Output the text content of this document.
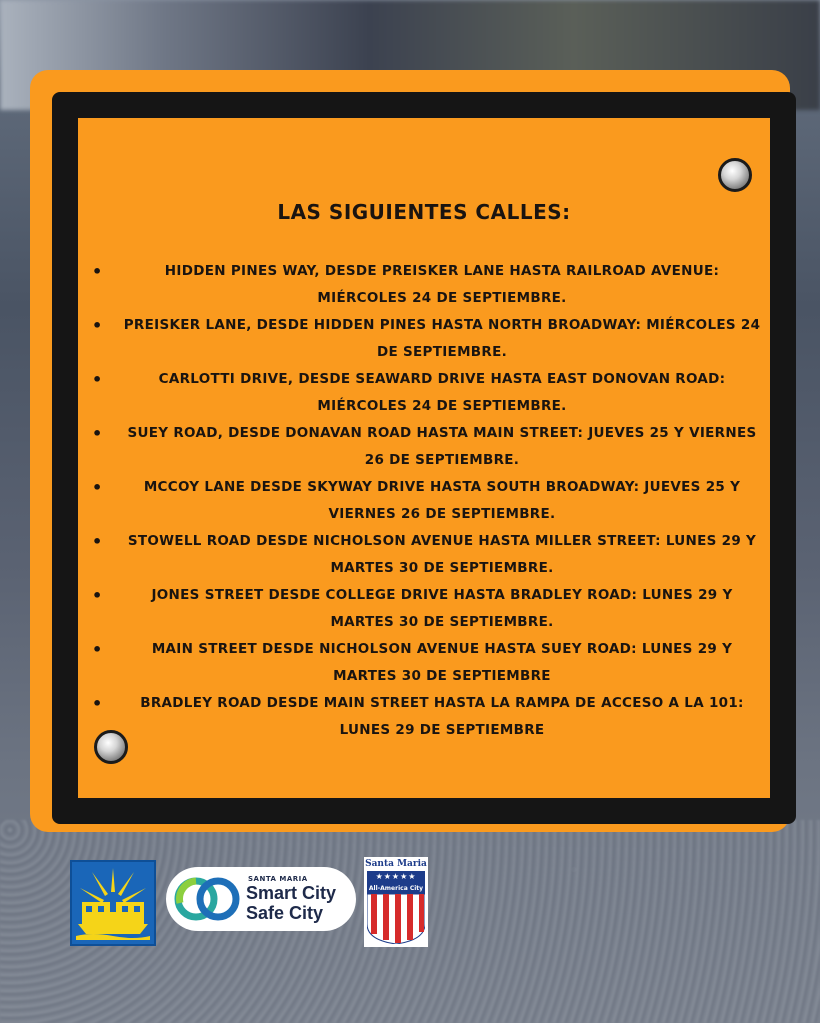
LAS SIGUIENTES CALLES:
• HIDDEN PINES WAY, DESDE PREISKER LANE HASTA RAILROAD AVENUE: MIÉRCOLES 24 DE SEPTIEMBRE.
• PREISKER LANE, DESDE HIDDEN PINES HASTA NORTH BROADWAY: MIÉRCOLES 24 DE SEPTIEMBRE.
• CARLOTTI DRIVE, DESDE SEAWARD DRIVE HASTA EAST DONOVAN ROAD: MIÉRCOLES 24 DE SEPTIEMBRE.
• SUEY ROAD, DESDE DONAVAN ROAD HASTA MAIN STREET: JUEVES 25 Y VIERNES 26 DE SEPTIEMBRE.
• MCCOY LANE DESDE SKYWAY DRIVE HASTA SOUTH BROADWAY: JUEVES 25 Y VIERNES 26 DE SEPTIEMBRE.
• STOWELL ROAD DESDE NICHOLSON AVENUE HASTA MILLER STREET: LUNES 29 Y MARTES 30 DE SEPTIEMBRE.
• JONES STREET DESDE COLLEGE DRIVE HASTA BRADLEY ROAD: LUNES 29 Y MARTES 30 DE SEPTIEMBRE.
• MAIN STREET DESDE NICHOLSON AVENUE HASTA SUEY ROAD: LUNES 29 Y MARTES 30 DE SEPTIEMBRE
• BRADLEY ROAD DESDE MAIN STREET HASTA LA RAMPA DE ACCESO A LA 101: LUNES 29 DE SEPTIEMBRE
SANTA MARIA
Smart City
Safe City
Santa Maria
★★★★★
All-America City
